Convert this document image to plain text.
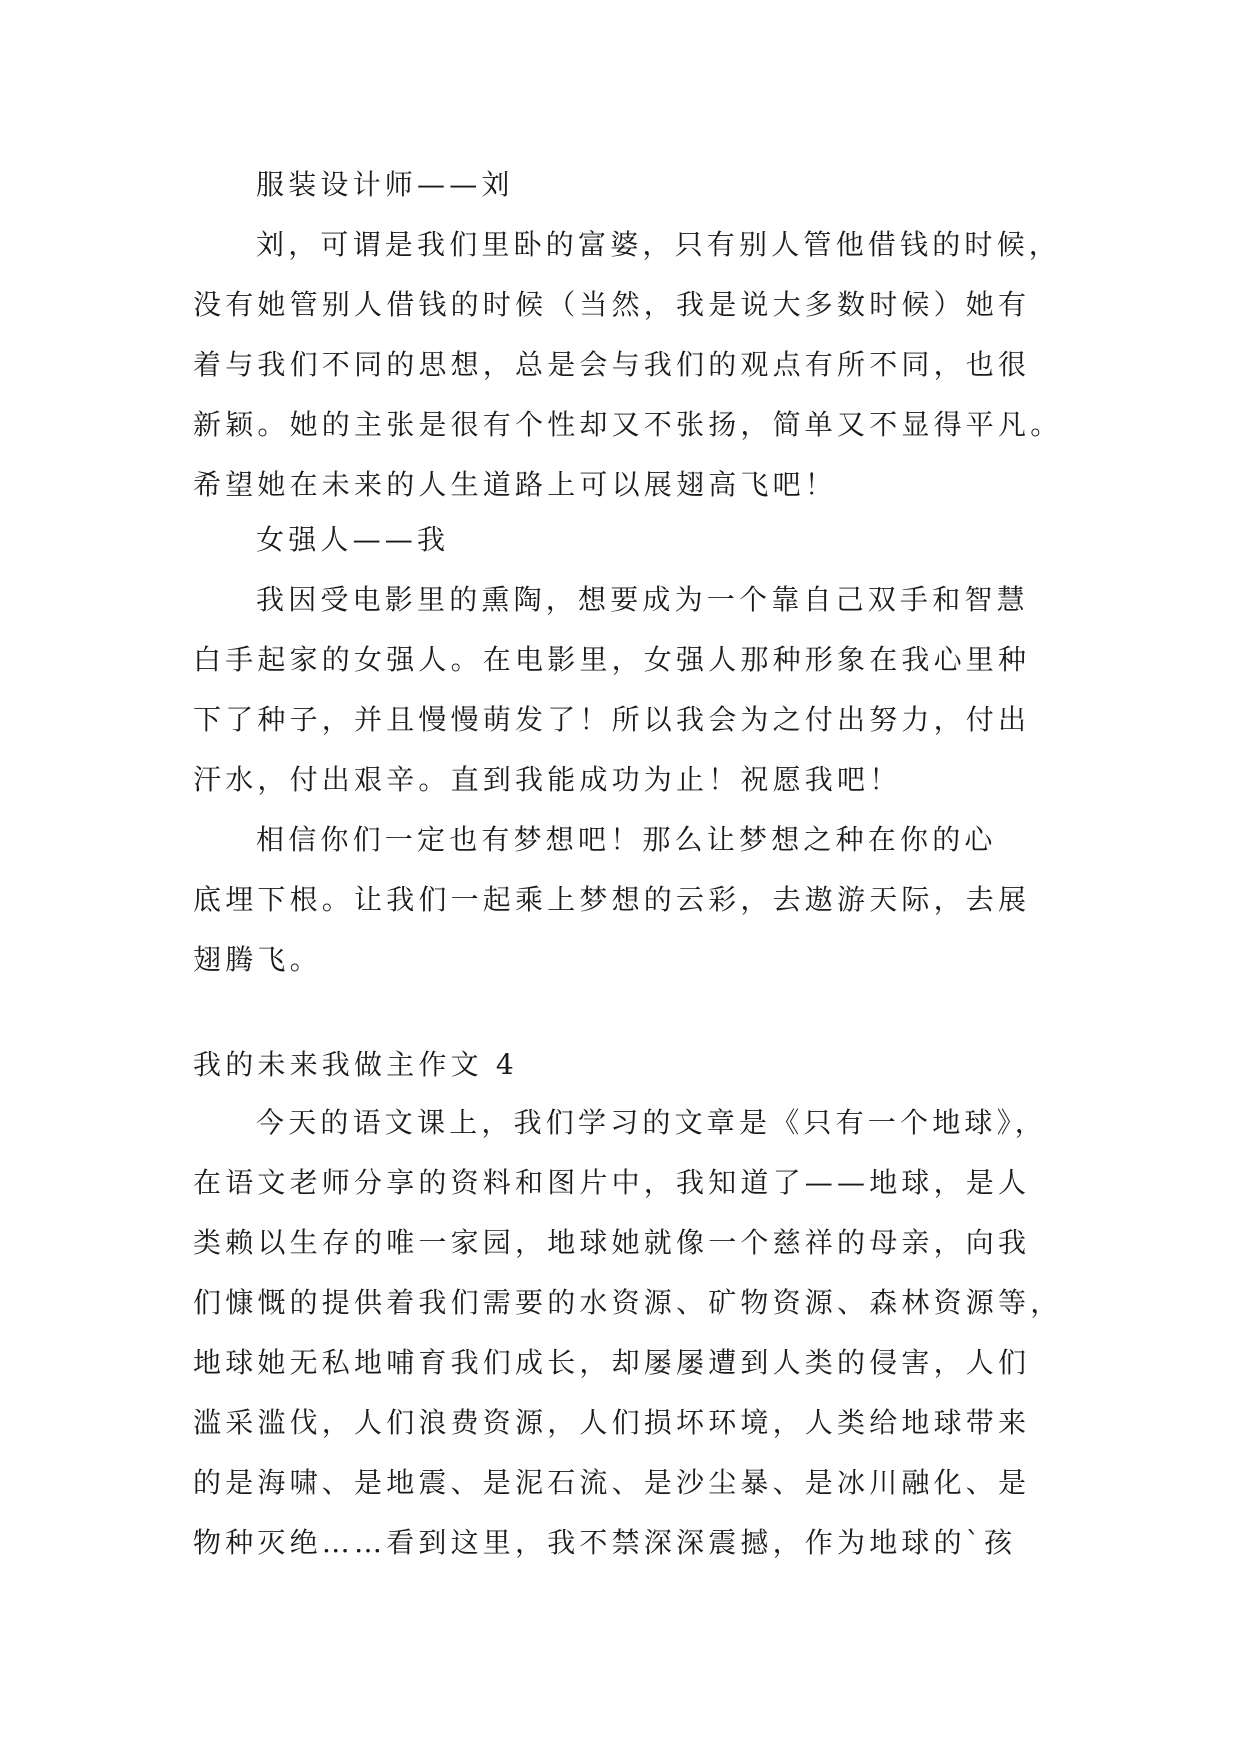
服装设计师——刘
刘，可谓是我们里卧的富婆，只有别人管他借钱的时候，
没有她管别人借钱的时候（当然，我是说大多数时候）她有
着与我们不同的思想，总是会与我们的观点有所不同，也很
新颖。她的主张是很有个性却又不张扬，简单又不显得平凡。
希望她在未来的人生道路上可以展翅高飞吧！
女强人——我
我因受电影里的熏陶，想要成为一个靠自己双手和智慧
白手起家的女强人。在电影里，女强人那种形象在我心里种
下了种子，并且慢慢萌发了！所以我会为之付出努力，付出
汗水，付出艰辛。直到我能成功为止！祝愿我吧！
相信你们一定也有梦想吧！那么让梦想之种在你的心
底埋下根。让我们一起乘上梦想的云彩，去遨游天际，去展
翅腾飞。
我的未来我做主作文 4
今天的语文课上，我们学习的文章是《只有一个地球》，
在语文老师分享的资料和图片中，我知道了——地球，是人
类赖以生存的唯一家园，地球她就像一个慈祥的母亲，向我
们慷慨的提供着我们需要的水资源、矿物资源、森林资源等，
地球她无私地哺育我们成长，却屡屡遭到人类的侵害，人们
滥采滥伐，人们浪费资源，人们损坏环境，人类给地球带来
的是海啸、是地震、是泥石流、是沙尘暴、是冰川融化、是
物种灭绝……看到这里，我不禁深深震撼，作为地球的`孩
